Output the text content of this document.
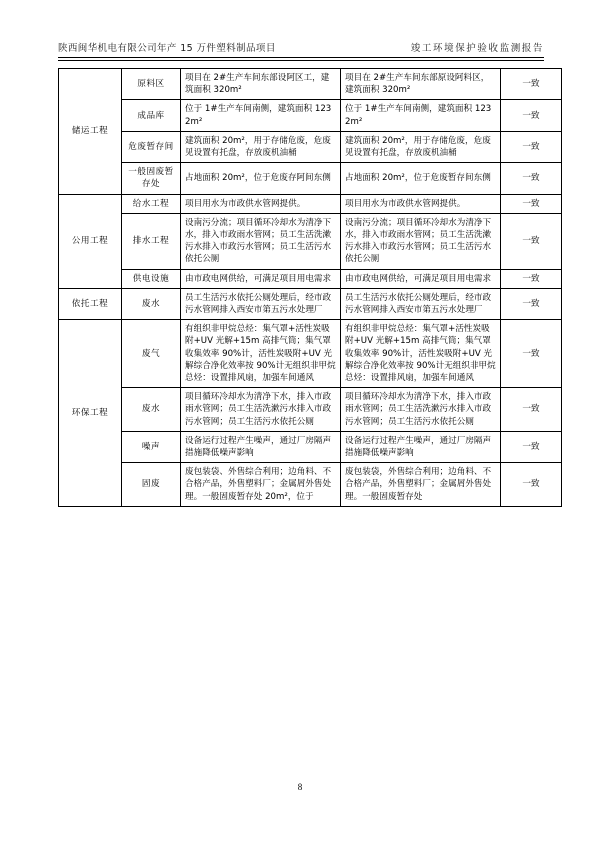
陕西闽华机电有限公司年产 15 万件塑料制品项目	竣工环境保护验收监测报告
储运工程	原料区	项目在 2#生产车间东部设阿区工，建筑面积 320m²	项目在 2#生产车间东部原设阿料区，建筑面积 320m²	一致
	成品库	位于 1#生产车间南侧，建筑面积 1232m²	位于 1#生产车间南侧，建筑面积 1232m²	一致
	危废暂存间	建筑面积 20m²，用于存储危废，危废见设置有托盘，存放废机油桶	建筑面积 20m²，用于存储危废，危废见设置有托盘，存放废机油桶	一致
	一般固废暂存处	占地面积 20m²，位于危废存阿间东侧	占地面积 20m²，位于危废暂存间东侧	一致
公用工程	给水工程	项目用水为市政供水管网提供。	项目用水为市政供水管网提供。	一致
	排水工程	设南污分流；项目循环冷却水为清净下水，排入市政雨水管网；员工生活洗漱污水排入市政污水管网；员工生活污水依托公厕	设南污分流；项目循环冷却水为清净下水，排入市政雨水管网；员工生活洗漱污水排入市政污水管网；员工生活污水依托公厕	一致
	供电设施	由市政电网供给，可满足项目用电需求	由市政电网供给，可满足项目用电需求	一致
依托工程	废水	员工生活污水依托公厕处理后，经市政污水管网排入西安市第五污水处理厂	员工生活污水依托公厕处理后，经市政污水管网排入西安市第五污水处理厂	一致
环保工程	废气	有组织非甲烷总烃：集气罩+活性炭吸附+UV 光解+15m 高排气筒；集气罩收集效率 90%计，活性炭吸附+UV 光解综合净化效率按 90%计无组织非甲烷总烃：设置排风扇，加强车间通风	有组织非甲烷总烃：集气罩+活性炭吸附+UV 光解+15m 高排气筒；集气罩收集效率 90%计，活性炭吸附+UV 光解综合净化效率按 90%计无组织非甲烷总烃：设置排风扇，加强车间通风	一致
	废水	项目循环冷却水为清净下水，排入市政雨水管网；员工生活洗漱污水排入市政污水管网；员工生活污水依托公厕	项目循环冷却水为清净下水，排入市政雨水管网；员工生活洗漱污水排入市政污水管网；员工生活污水依托公厕	一致
	噪声	设备运行过程产生噪声，通过厂房隔声措施降低噪声影响	设备运行过程产生噪声，通过厂房隔声措施降低噪声影响	一致
	固废	废包装袋、外售综合利用；边角料、不合格产品，外售塑料厂；金属屑外售处理。一般固废暂存处 20m²，位于	废包装袋，外售综合利用；边角料、不合格产品，外售塑料厂；金属屑外售处理。一般固废暂存处	一致
8
